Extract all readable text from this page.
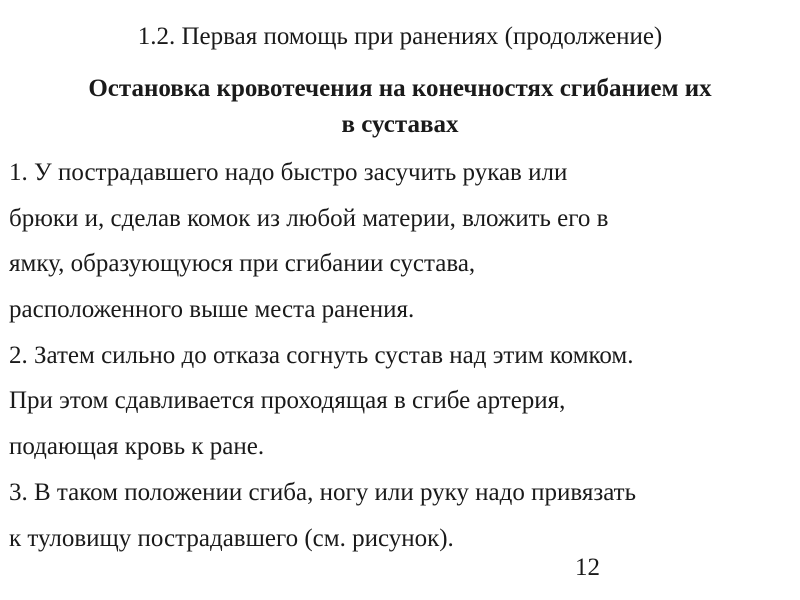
1.2. Первая помощь при ранениях (продолжение)
Остановка кровотечения на конечностях сгибанием их
в суставах
1. У пострадавшего надо быстро засучить рукав или
брюки и, сделав комок из любой материи, вложить его в
ямку, образующуюся при сгибании сустава,
расположенного выше места ранения.
2. Затем сильно до отказа согнуть сустав над этим комком.
При этом сдавливается проходящая в сгибе артерия,
подающая кровь к ране.
3. В таком положении сгиба, ногу или руку надо привязать
к туловищу пострадавшего (см. рисунок).
12
